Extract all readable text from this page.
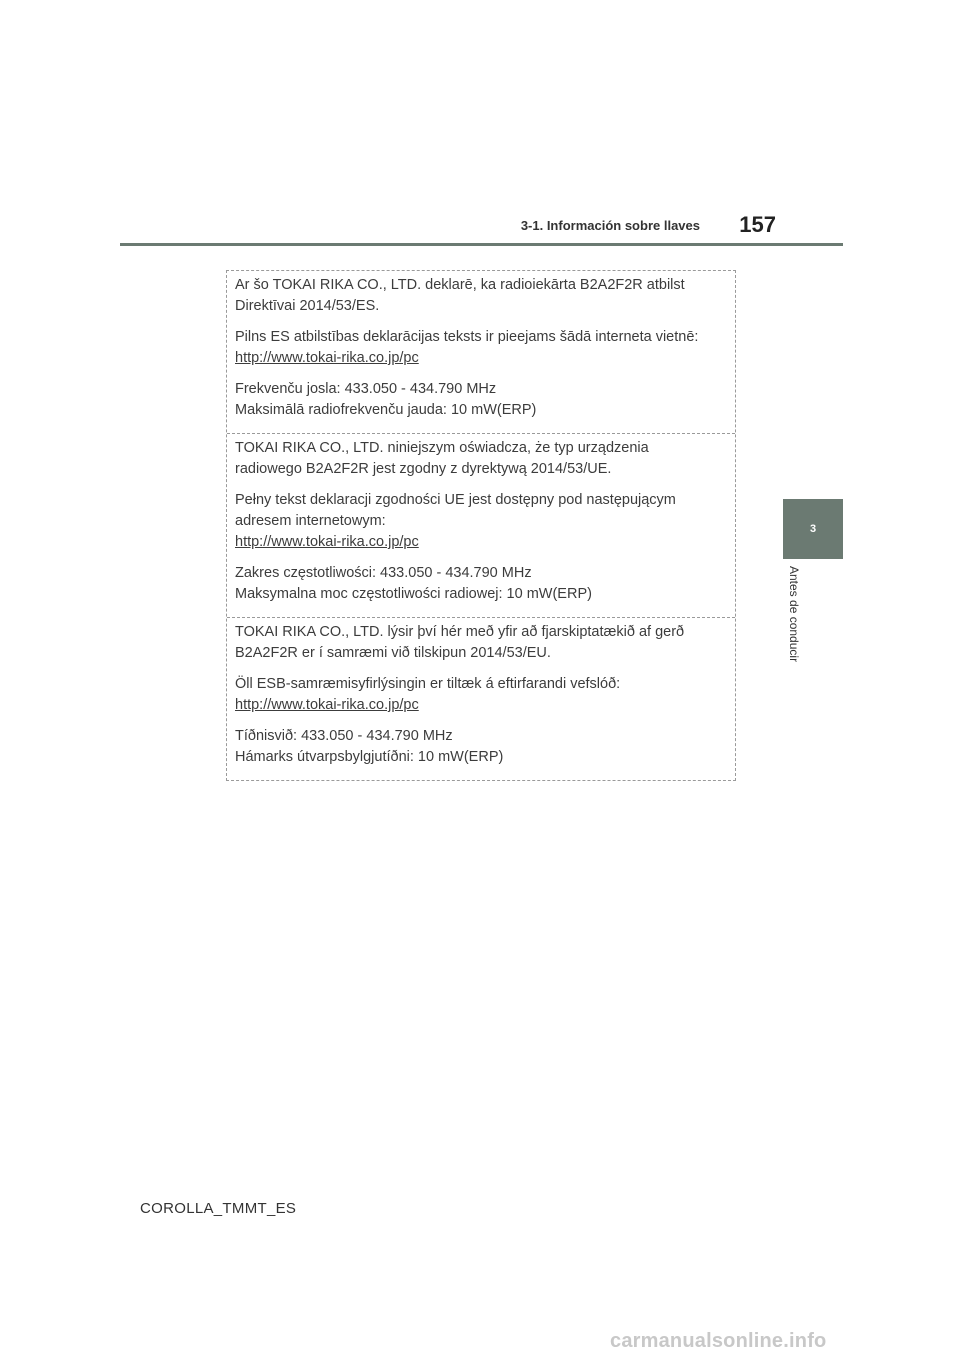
3-1. Información sobre llaves	157
3
Antes de conducir

Ar šo TOKAI RIKA CO., LTD. deklarē, ka radioiekārta B2A2F2R atbilst Direktīvai 2014/53/ES.

Pilns ES atbilstības deklarācijas teksts ir pieejams šādā interneta vietnē:
http://www.tokai-rika.co.jp/pc

Frekvenču josla: 433.050 - 434.790 MHz
Maksimālā radiofrekvenču jauda: 10 mW(ERP)

TOKAI RIKA CO., LTD. niniejszym oświadcza, że typ urządzenia radiowego B2A2F2R jest zgodny z dyrektywą 2014/53/UE.

Pełny tekst deklaracji zgodności UE jest dostępny pod następującym adresem internetowym:
http://www.tokai-rika.co.jp/pc

Zakres częstotliwości: 433.050 - 434.790 MHz
Maksymalna moc częstotliwości radiowej: 10 mW(ERP)

TOKAI RIKA CO., LTD. lýsir því hér með yfir að fjarskiptatækið af gerð B2A2F2R er í samræmi við tilskipun 2014/53/EU.

Öll ESB-samræmisyfirlýsingin er tiltæk á eftirfarandi vefslóð:
http://www.tokai-rika.co.jp/pc

Tíðnisvið: 433.050 - 434.790 MHz
Hámarks útvarpsbylgjutíðni: 10 mW(ERP)

COROLLA_TMMT_ES
carmanualsonline.info
